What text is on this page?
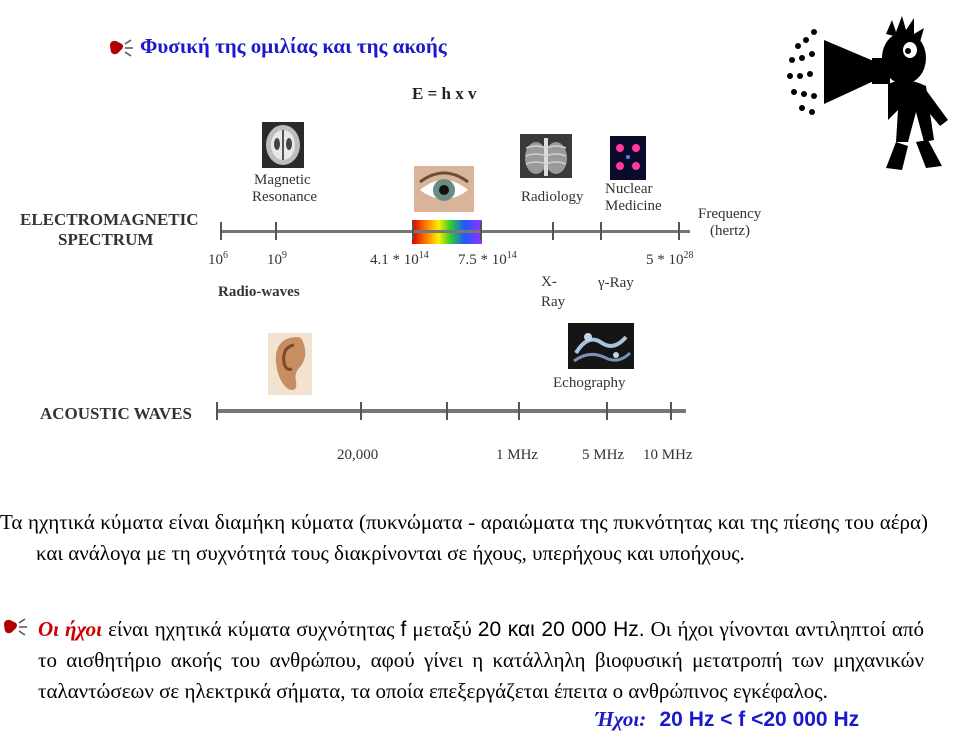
Φυσική της ομιλίας και της ακοής
E = h x v
ELECTROMAGNETIC
SPECTRUM
Magnetic
Resonance	Radiology Nuclear
Medicine Frequency
(hertz)
$10^6$	$10^9$	$4.1 * 10^{14}$ $7.5 * 10^{14}$	$5 * 10^{28}$
Radio-waves
X-
Ray
γ-Ray
Echography
ACOUSTIC WAVES
20,000	1 MHz	5 MHz 10 MHz
Τα ηχητικά κύματα είναι διαμήκη κύματα (πυκνώματα - αραιώματα της πυκνότητας και της πίεσης του αέρα) και ανάλογα με τη συχνότητά τους διακρίνονται σε ήχους, υπερήχους και υποήχους.
Οι ήχοι είναι ηχητικά κύματα συχνότητας f μεταξύ 20 και 20 000 Hz. Οι ήχοι γίνονται αντιληπτοί από το αισθητήριο ακοής του ανθρώπου, αφού γίνει η κατάλληλη βιοφυσική μετατροπή των μηχανικών ταλαντώσεων σε ηλεκτρικά σήματα, τα οποία επεξεργάζεται έπειτα ο ανθρώπινος εγκέφαλος.
Ήχοι: 20 Hz < f <20 000 Hz
